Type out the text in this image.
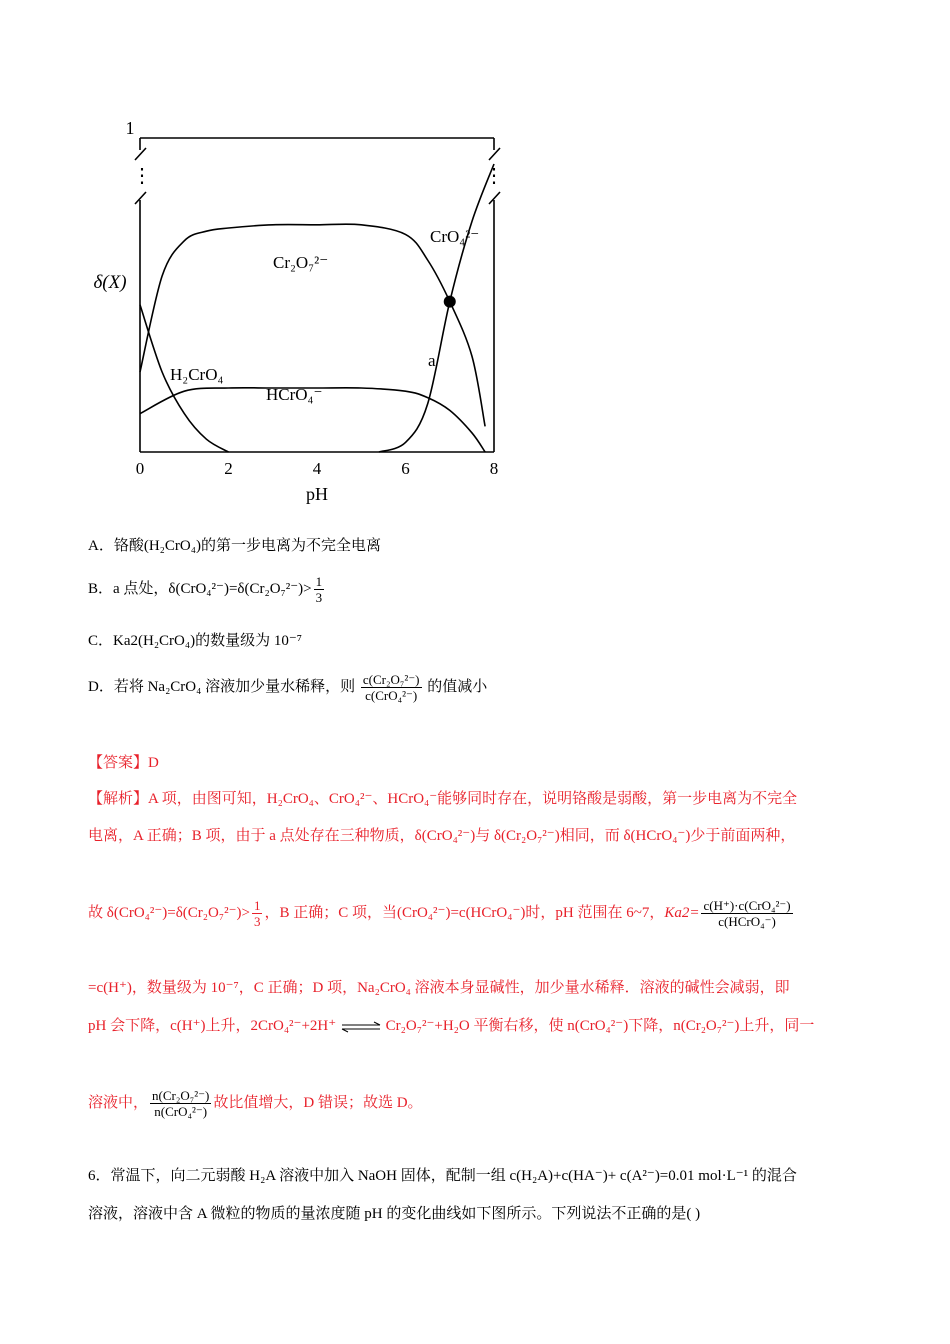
⋮	⋮
1
δ(X)
pH
0	2	4	6	8
Cr₂O₇²⁻
CrO₄²⁻
H₂CrO₄
HCrO₄⁻
a
A．铬酸(H₂CrO₄)的第一步电离为不完全电离
B．a 点处，$\delta(CrO_4^{2-})=\delta(Cr_2O_7^{2-})> \frac{1}{3}$
C．Ka2(H₂CrO₄)的数量级为 10⁻⁷
D．若将 Na₂CrO₄ 溶液加少量水稀释，则 $\frac{\text{c(Cr₂O₇²⁻)}}{\text{c(CrO₄²⁻)}}$ 的值减小
【答案】D
【解析】A 项，由图可知，H₂CrO₄、CrO₄²⁻、HCrO₄⁻能够同时存在，说明铬酸是弱酸，第一步电离为不完全
电离，A 正确；B 项，由于 a 点处存在三种物质，δ(CrO₄²⁻)与 δ(Cr₂O₇²⁻)相同，而 δ(HCrO₄⁻)少于前面两种，
故 $\delta(CrO_4^{2-})=\delta(Cr_2O_7^{2-})> \frac{1}{3}$ ，B 正确；C 项，当(CrO₄²⁻)=c(HCrO₄⁻)时，pH 范围在 6~7，$Ka2= \frac{\text{c(H⁺)·c(CrO₄²⁻)}}{\text{c(HCrO₄⁻)}}$
=c(H⁺)，数量级为 10⁻⁷，C 正确；D 项，Na₂CrO₄ 溶液本身显碱性，加少量水稀释．溶液的碱性会减弱，即
pH 会下降，c(H⁺)上升，2CrO₄²⁻+2H⁺ ⇌ Cr₂O₇²⁻+H₂O 平衡右移，使 n(CrO₄²⁻)下降，n(Cr₂O₇²⁻)上升，同一
溶液中， $\frac{\text{n(Cr₂O₇²⁻)}}{\text{n(CrO₄²⁻)}}$ 故比值增大，D 错误；故选 D。
6．常温下，向二元弱酸 H₂A 溶液中加入 NaOH 固体，配制一组 c(H₂A)+c(HA⁻)+ c(A²⁻)=0.01 mol·L⁻¹ 的混合
溶液，溶液中含 A 微粒的物质的量浓度随 pH 的变化曲线如下图所示。下列说法不正确的是( )
